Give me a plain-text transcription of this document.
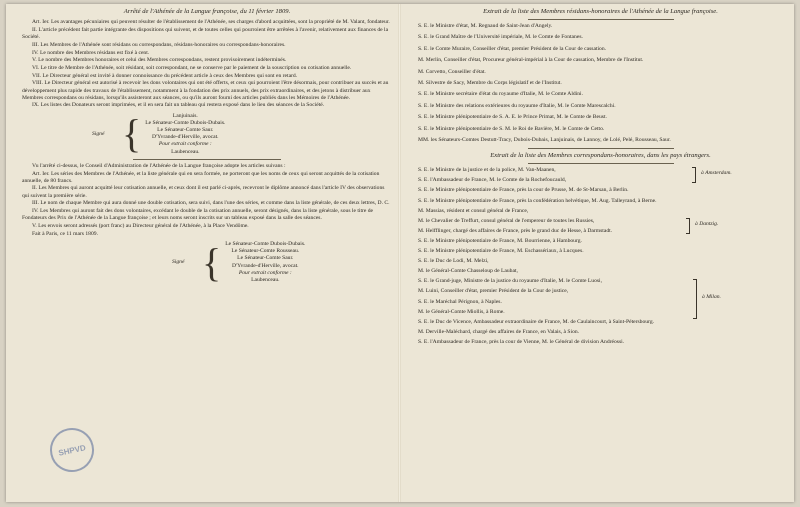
Arrêté de l'Athénée de la Langue françoise, du 11 février 1809.

Art. Ier. Les avantages pécuniaires qui peuvent résulter de l'établissement de l'Athénée, ses charges d'abord acquittées, sont la propriété de M. Valant, fondateur.

II. L'article précédent fait partie intégrante des dispositions qui suivent, et de toutes celles qui pourroient être arrêtées à l'avenir, relativement aux finances de la Société.

III. Les Membres de l'Athénée sont résidans ou correspondans, résidans-honoraires ou correspondans-honoraires.

IV. Le nombre des Membres résidans est fixé à cent.

V. Le nombre des Membres honoraires et celui des Membres correspondans, restent provisoirement indéterminés.

VI. Le titre de Membre de l'Athénée, soit résidant, soit correspondant, ne se conserve par le paiement de la souscription ou cotisation annuelle.

VII. Le Directeur général est invité à donner connoissance du précédent article à ceux des Membres qui sont en retard.

VIII. Le Directeur général est autorisé à recevoir les dons volontaires qui ont été offerts, et ceux qui pourroient l'être désormais, pour contribuer au succès et au développement plus rapide des travaux de l'établissement, notamment à la fondation des prix annuels, des prix extraordinaires, et des jetons à distribuer aux Membres correspondans ou résidans, lorsqu'ils assisteront aux séances, ou qu'ils auront fourni des articles publiés dans les Mémoires de l'Athénée.

IX. Les listes des Donateurs seront imprimées, et il en sera fait un tableau qui restera exposé dans le lieu des séances de la Société.

Signé {	Lanjuinais.
Le Sénateur-Comte Dubois-Dubais.
Le Sénateur-Comte Saur.
D'Yvrande-d'Herville, avocat.
Pour extrait conforme :
Laubenceau.

Vu l'arrêté ci-dessus, le Conseil d'Administration de l'Athénée de la Langue françoise adopte les articles suivans :

Art. Ier. Les séries des Membres de l'Athénée, et la liste générale qui en sera formée, ne porteront que les noms de ceux qui seront acquittés de la cotisation annuelle, de 80 francs.

II. Les Membres qui auront acquitté leur cotisation annuelle, et ceux dont il est parlé ci-après, recevront le diplôme annoncé dans l'article IV des observations qui suivent la première série.

III. Le nom de chaque Membre qui aura donné une double cotisation, sera suivi, dans l'une des séries, et comme dans la liste générale, de ces deux lettres, D. C.

IV. Les Membres qui auront fait des dons volontaires, excédant le double de la cotisation annuelle, seront désignés, dans la liste générale, sous le titre de Fondateurs des Prix de l'Athénée de la Langue françoise ; et leurs noms seront inscrits sur un tableau exposé dans la salle des séances.

V. Les envois seront adressés (port franc) au Directeur général de l'Athénée, à la Place Vendôme.

Fait à Paris, ce 11 mars 1809.

Signé { Le Sénateur-Comte Dubois-Dubais.
Le Sénateur-Comte Rousseau.
Le Sénateur-Comte Saur.
D'Yvrande-d'Herville, avocat.
Pour extrait conforme :
Laubenceau.
SHPVD
Extrait de la liste des Membres résidans-honoraires de l'Athénée de la Langue françoise.
S. E. le Ministre d'état, M. Regnaud de Saint-Jean d'Angely.
S. E. le Grand Maître de l'Université impériale, M. le Comte de Fontanes.
S. E. le Comte Muraire, Conseiller d'état, premier Président de la Cour de cassation.
M. Merlin, Conseiller d'état, Procureur général-impérial à la Cour de cassation, Membre de l'Institut.
M. Corvetto, Conseiller d'état.
M. Silvestre de Sacy, Membre du Corps législatif et de l'Institut.
S. E. le Ministre secrétaire d'état du royaume d'Italie, M. le Comte Aldini.
S. E. le Ministre des relations extérieures du royaume d'Italie, M. le Comte Marescalchi.
S. E. le Ministre plénipotentiaire de S. A. E. le Prince Primat, M. le Comte de Beust.
S. E. le Ministre plénipotentiaire de S. M. le Roi de Bavière, M. le Comte de Cetto.
MM. les Sénateurs-Comtes Destutt-Tracy, Dubois-Dubais, Lanjuinais, de Lannoy, de Lolé, Pelé, Rousseau, Saur.
Extrait de la liste des Membres correspondans-honoraires, dans les pays étrangers.
S. E. le Ministre de la justice et de la police, M. Van-Maanen,
S. E. l'Ambassadeur de France, M. le Comte de la Rochefoucauld,
S. E. le Ministre plénipotentiaire de France, près la cour de Prusse, M. de St-Marsan, à Berlin.
S. E. le Ministre plénipotentiaire de France, près la confédération helvétique, M. Aug. Talleyrand, à Berne.
M. Massias, résident et consul général de France,
M. le Chevalier de Treffurt, consul général de l'empereur de toutes les Russies,
M. Helfflinger, chargé des affaires de France, près le grand duc de Hesse, à Darmstadt.
S. E. le Ministre plénipotentiaire de France, M. Bourrienne, à Hambourg.
S. E. le Ministre plénipotentiaire de France, M. Eschassériaux, à Lucques.
S. E. le Duc de Lodi, M. Melzi,
M. le Général-Comte Chasseloup de Laubat,
S. E. le Grand-juge, Ministre de la justice du royaume d'Italie, M. le Comte Luosi,
M. Luini, Conseiller d'état, premier Président de la Cour de justice,
S. E. le Maréchal Pérignon, à Naples.
M. le Général-Comte Miollis, à Rome.
S. E. le Duc de Vicence, Ambassadeur extraordinaire de France, M. de Caulaincourt, à Saint-Pétersbourg.
M. Derville-Maléchard, chargé des affaires de France, en Valais, à Sion.
S. E. l'Ambassadeur de France, près la cour de Vienne, M. le Général de division Andréossi.
à Amsterdam.
à Dantzig.
à Milan.
